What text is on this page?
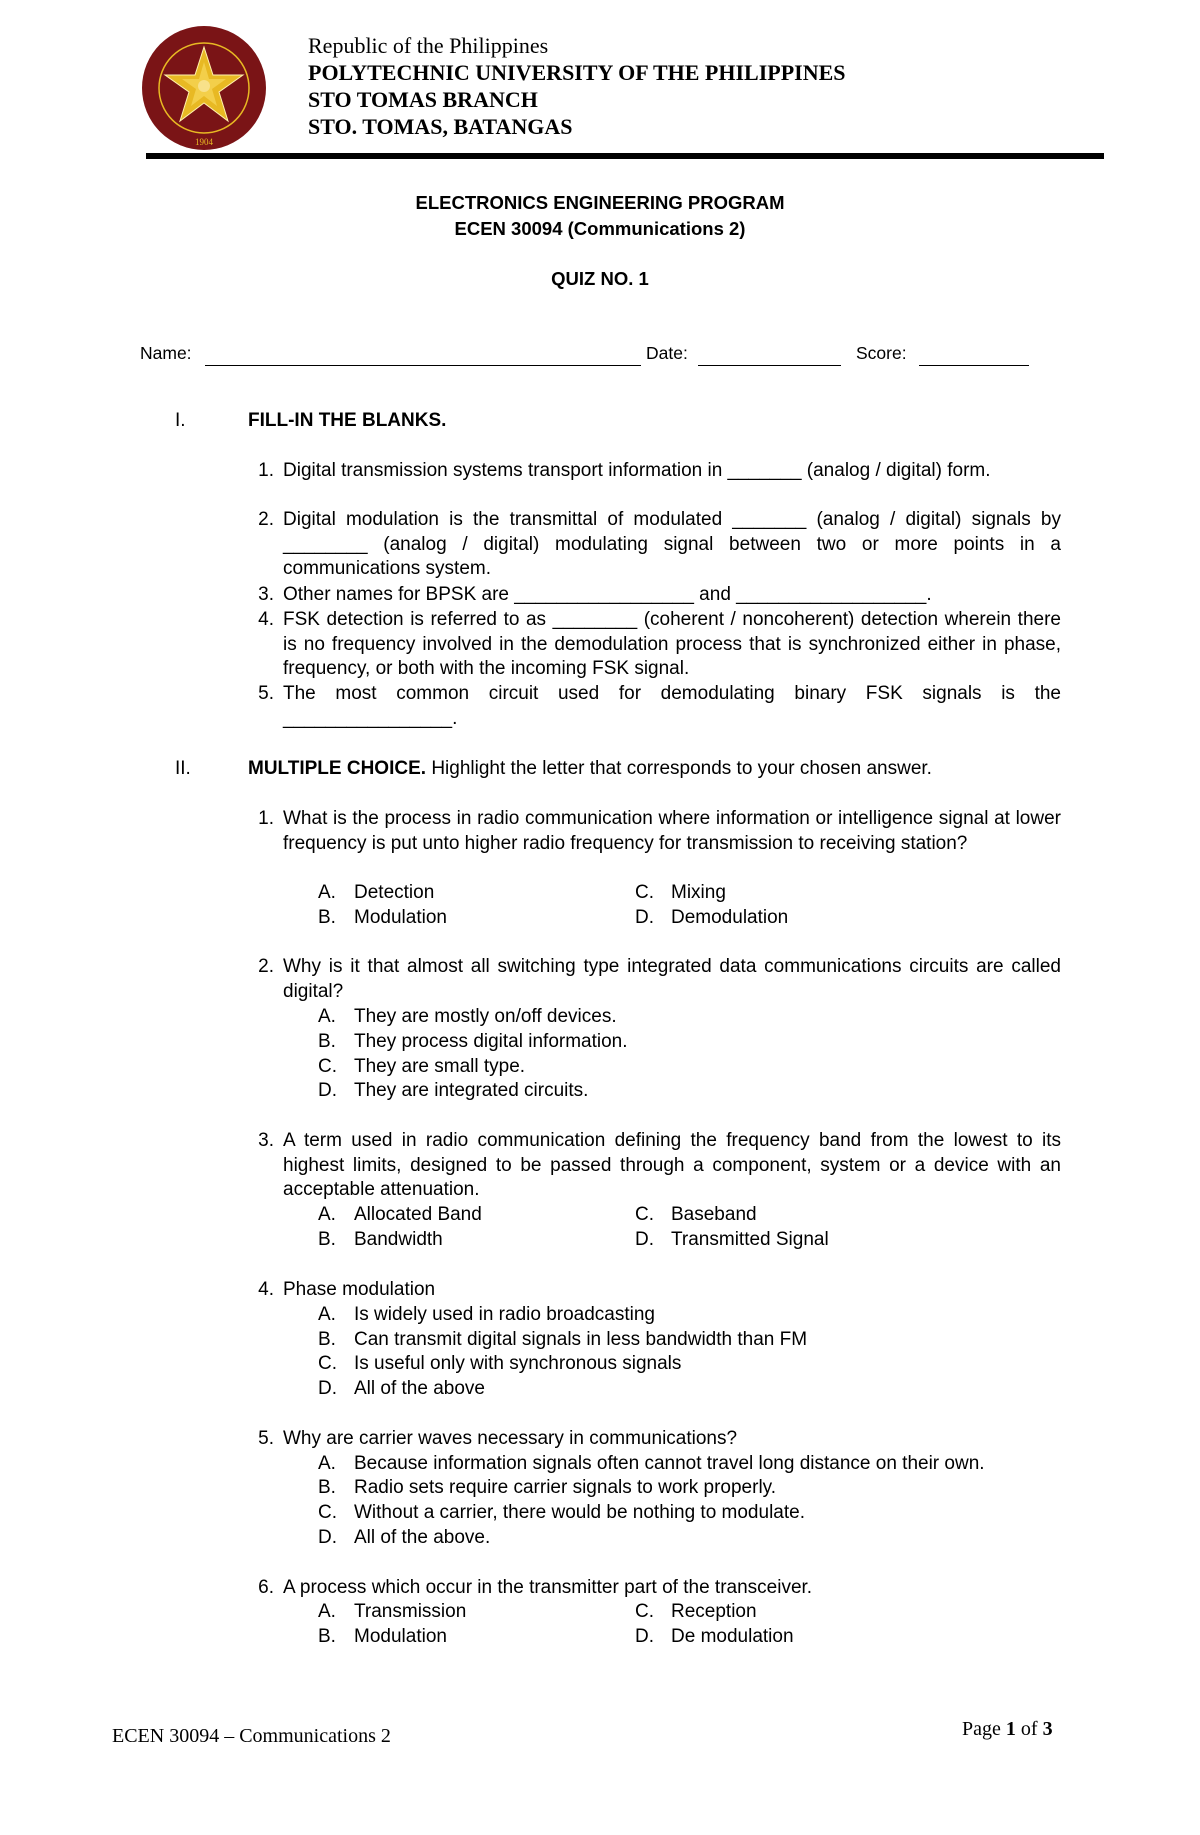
1904
Republic of the Philippines
POLYTECHNIC UNIVERSITY OF THE PHILIPPINES
STO TOMAS BRANCH
STO. TOMAS, BATANGAS
ELECTRONICS ENGINEERING PROGRAM
ECEN 30094 (Communications 2)
QUIZ NO. 1
Name:	Date:	Score:
I.	FILL-IN THE BLANKS.
1. Digital transmission systems transport information in _______ (analog / digital) form.
2. Digital modulation is the transmittal of modulated _______ (analog / digital) signals by ________ (analog / digital) modulating signal between two or more points in a communications system.
3. Other names for BPSK are _________________ and __________________.
4. FSK detection is referred to as ________ (coherent / noncoherent) detection wherein there is no frequency involved in the demodulation process that is synchronized either in phase, frequency, or both with the incoming FSK signal.
5. The most common circuit used for demodulating binary FSK signals is the ________________.
II.	MULTIPLE CHOICE. Highlight the letter that corresponds to your chosen answer.
1. What is the process in radio communication where information or intelligence signal at lower frequency is put unto higher radio frequency for transmission to receiving station?
A. Detection
B. Modulation
C. Mixing
D. Demodulation
2. Why is it that almost all switching type integrated data communications circuits are called digital?
A. They are mostly on/off devices.
B. They process digital information.
C. They are small type.
D. They are integrated circuits.
3. A term used in radio communication defining the frequency band from the lowest to its highest limits, designed to be passed through a component, system or a device with an acceptable attenuation.
A. Allocated Band
B. Bandwidth
C. Baseband
D. Transmitted Signal
4. Phase modulation
A. Is widely used in radio broadcasting
B. Can transmit digital signals in less bandwidth than FM
C. Is useful only with synchronous signals
D. All of the above
5. Why are carrier waves necessary in communications?
A. Because information signals often cannot travel long distance on their own.
B. Radio sets require carrier signals to work properly.
C. Without a carrier, there would be nothing to modulate.
D. All of the above.
6. A process which occur in the transmitter part of the transceiver.
A. Transmission
B. Modulation
C. Reception
D. De modulation
ECEN 30094 – Communications 2	Page 1 of 3
